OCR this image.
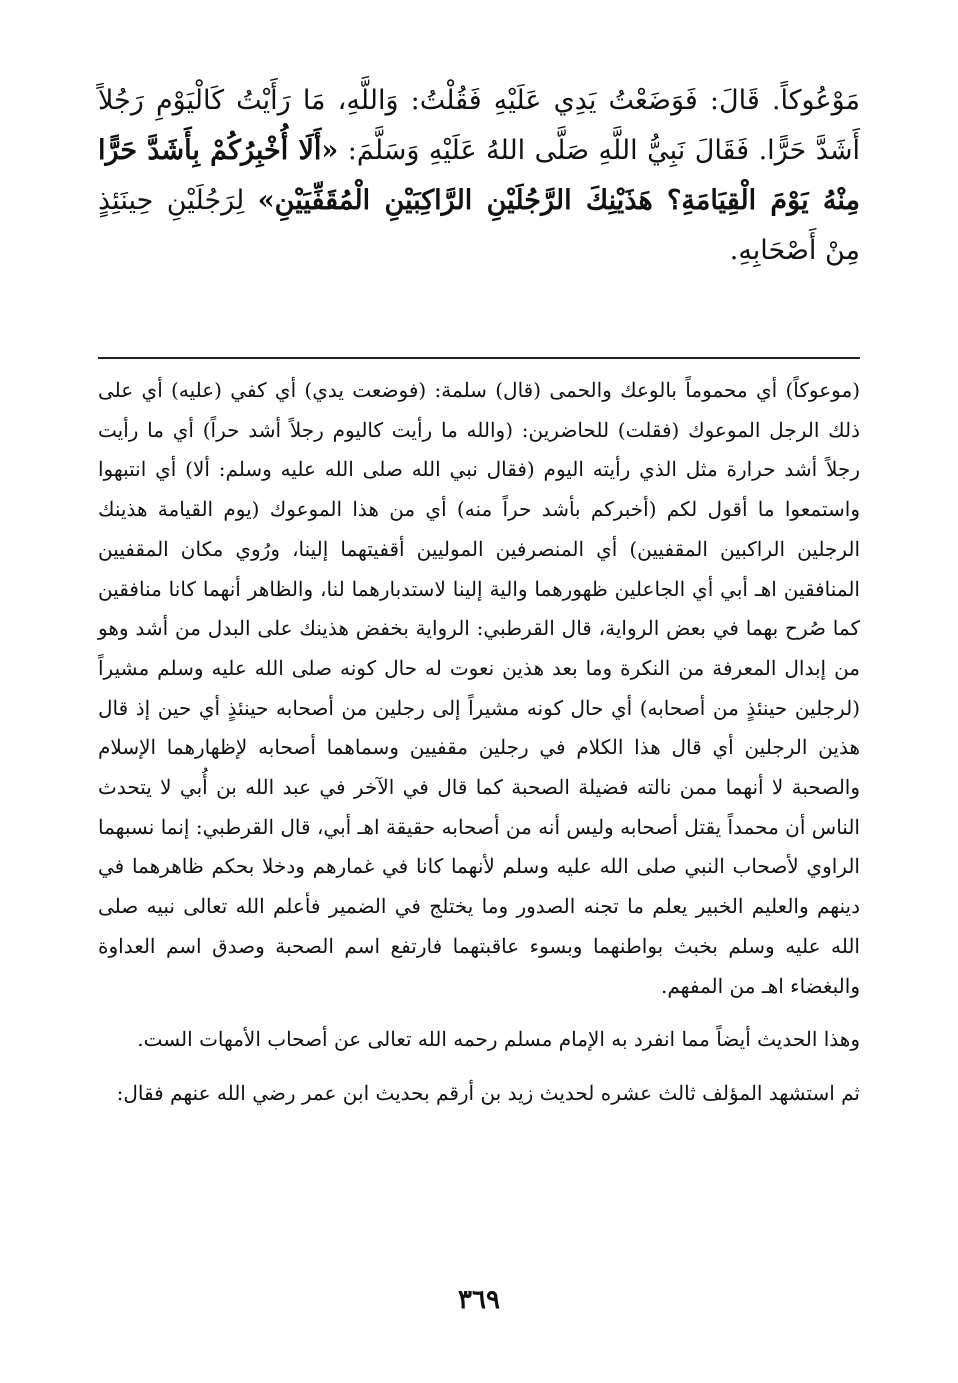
مَوْعُوكاً. قَالَ: فَوَضَعْتُ يَدِي عَلَيْهِ فَقُلْتُ: وَاللَّهِ، مَا رَأَيْتُ كَالْيَوْمِ رَجُلاً أَشَدَّ حَرًّا. فَقَالَ نَبِيُّ اللَّهِ صَلَّى اللهُ عَلَيْهِ وَسَلَّمَ: «أَلَا أُخْبِرُكُمْ بِأَشَدَّ حَرًّا مِنْهُ يَوْمَ الْقِيَامَةِ؟ هَذَيْنِكَ الرَّجُلَيْنِ الرَّاكِبَيْنِ الْمُقَفِّيَيْنِ» لِرَجُلَيْنِ حِينَئِذٍ مِنْ أَصْحَابِهِ.

(موعوكاً) أي محموماً بالوعك والحمى (قال) سلمة: (فوضعت يدي) أي كفي (عليه) أي على ذلك الرجل الموعوك (فقلت) للحاضرين: (والله ما رأيت كاليوم رجلاً أشد حراً) أي ما رأيت رجلاً أشد حرارة مثل الذي رأيته اليوم (فقال نبي الله صلى الله عليه وسلم: ألا) أي انتبهوا واستمعوا ما أقول لكم (أخبركم بأشد حراً منه) أي من هذا الموعوك (يوم القيامة هذينك الرجلين الراكبين المقفيين) أي المنصرفين الموليين أقفيتهما إلينا، ورُوي مكان المقفيين المنافقين اهـ أبي أي الجاعلين ظهورهما والية إلينا لاستدبارهما لنا، والظاهر أنهما كانا منافقين كما صُرح بهما في بعض الرواية، قال القرطبي: الرواية بخفض هذينك على البدل من أشد وهو من إبدال المعرفة من النكرة وما بعد هذين نعوت له حال كونه صلى الله عليه وسلم مشيراً (لرجلين حينئذٍ من أصحابه) أي حال كونه مشيراً إلى رجلين من أصحابه حينئذٍ أي حين إذ قال هذين الرجلين أي قال هذا الكلام في رجلين مقفيين وسماهما أصحابه لإظهارهما الإسلام والصحبة لا أنهما ممن نالته فضيلة الصحبة كما قال في الآخر في عبد الله بن أُبي لا يتحدث الناس أن محمداً يقتل أصحابه وليس أنه من أصحابه حقيقة اهـ أبي، قال القرطبي: إنما نسبهما الراوي لأصحاب النبي صلى الله عليه وسلم لأنهما كانا في غمارهم ودخلا بحكم ظاهرهما في دينهم والعليم الخبير يعلم ما تجنه الصدور وما يختلج في الضمير فأعلم الله تعالى نبيه صلى الله عليه وسلم بخبث بواطنهما وبسوء عاقبتهما فارتفع اسم الصحبة وصدق اسم العداوة والبغضاء اهـ من المفهم.

وهذا الحديث أيضاً مما انفرد به الإمام مسلم رحمه الله تعالى عن أصحاب الأمهات الست.

ثم استشهد المؤلف ثالث عشره لحديث زيد بن أرقم بحديث ابن عمر رضي الله عنهم فقال:

٣٦٩
